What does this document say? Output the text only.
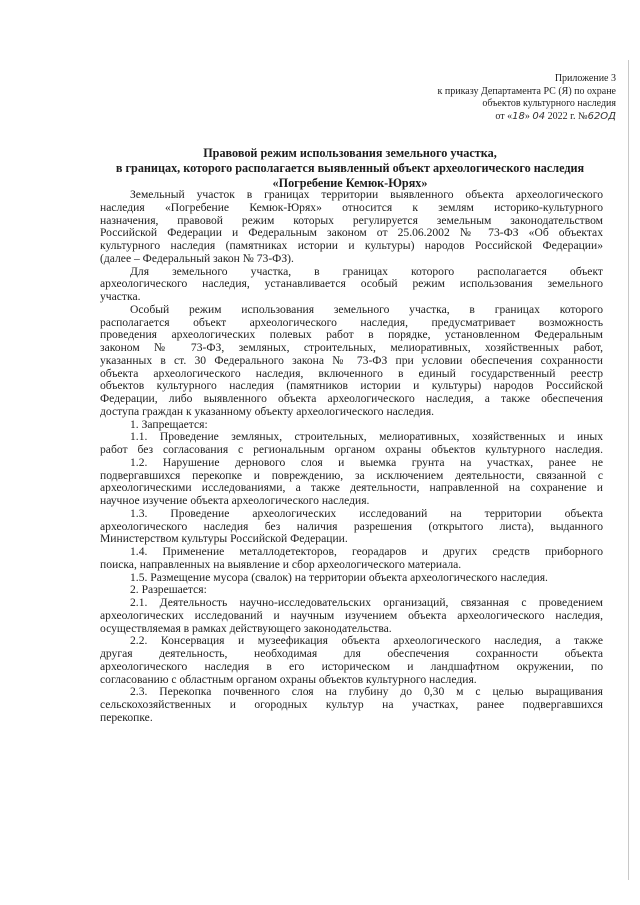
Приложение 3
к приказу Департамента РС (Я) по охране
объектов культурного наследия
от «18» 04 2022 г. №62ОД
Правовой режим использования земельного участка,
в границах, которого располагается выявленный объект археологического наследия
«Погребение Кемюк-Юрях»
Земельный участок в границах территории выявленного объекта археологического
наследия «Погребение Кемюк-Юрях» относится к землям историко-культурного
назначения, правовой режим которых регулируется земельным законодательством
Российской Федерации и Федеральным законом от 25.06.2002 № 73-ФЗ «Об объектах
культурного наследия (памятниках истории и культуры) народов Российской Федерации»
(далее – Федеральный закон № 73-ФЗ).
Для земельного участка, в границах которого располагается объект
археологического наследия, устанавливается особый режим использования земельного
участка.
Особый режим использования земельного участка, в границах которого
располагается объект археологического наследия, предусматривает возможность
проведения археологических полевых работ в порядке, установленном Федеральным
законом № 73-ФЗ, земляных, строительных, мелиоративных, хозяйственных работ,
указанных в ст. 30 Федерального закона № 73-ФЗ при условии обеспечения сохранности
объекта археологического наследия, включенного в единый государственный реестр
объектов культурного наследия (памятников истории и культуры) народов Российской
Федерации, либо выявленного объекта археологического наследия, а также обеспечения
доступа граждан к указанному объекту археологического наследия.
1. Запрещается:
1.1. Проведение земляных, строительных, мелиоративных, хозяйственных и иных
работ без согласования с региональным органом охраны объектов культурного наследия.
1.2. Нарушение дернового слоя и выемка грунта на участках, ранее не
подвергавшихся перекопке и повреждению, за исключением деятельности, связанной с
археологическими исследованиями, а также деятельности, направленной на сохранение и
научное изучение объекта археологического наследия.
1.3. Проведение археологических исследований на территории объекта
археологического наследия без наличия разрешения (открытого листа), выданного
Министерством культуры Российской Федерации.
1.4. Применение металлодетекторов, георадаров и других средств приборного
поиска, направленных на выявление и сбор археологического материала.
1.5. Размещение мусора (свалок) на территории объекта археологического наследия.
2. Разрешается:
2.1. Деятельность научно-исследовательских организаций, связанная с проведением
археологических исследований и научным изучением объекта археологического наследия,
осуществляемая в рамках действующего законодательства.
2.2. Консервация и музеефикация объекта археологического наследия, а также
другая деятельность, необходимая для обеспечения сохранности объекта
археологического наследия в его историческом и ландшафтном окружении, по
согласованию с областным органом охраны объектов культурного наследия.
2.3. Перекопка почвенного слоя на глубину до 0,30 м с целью выращивания
сельскохозяйственных и огородных культур на участках, ранее подвергавшихся
перекопке.
